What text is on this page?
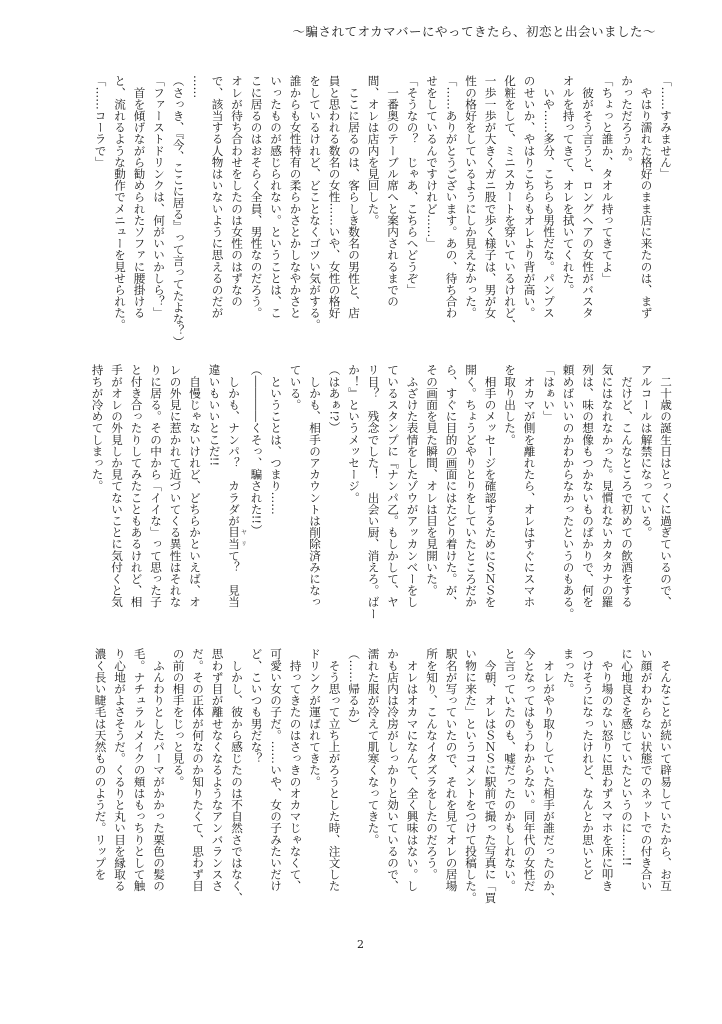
〜騙されてオカマバーにやってきたら、初恋と出会いました〜
「……すみません」
　やはり濡れた格好のまま店に来たのは、まず
かっただろうか。
「ちょっと誰か、タオル持ってきてよ」
　彼がそう言うと、ロングヘアの女性がバスタ
オルを持ってきて、オレを拭いてくれた。
　いや……多分、こちらも男性だな。パンプス
のせいか、やはりこちらもオレより背が高い。
化粧をして、ミニスカートを穿いているけれど、
一歩一歩が大きくガニ股で歩く様子は、男が女
性の格好をしているようにしか見えなかった。
「……ありがとうございます。あの、待ち合わ
せをしているんですけれど……」
「そうなの？　じゃあ、こちらへどうぞ」
　一番奥のテーブル席へと案内されるまでの
間、オレは店内を見回した。
　ここに居るのは、客らしき数名の男性と、店
員と思われる数名の女性……いや、女性の格好
をしているけれど、どことなくゴツい気がする。
誰からも女性特有の柔らかさとかしなやかさと
いったものが感じられない。ということは、こ
こに居るのはおそらく全員、男性なのだろう。
オレが待ち合わせをしたのは女性のはずなの
で、該当する人物はいないように思えるのだが
……
（さっき、『今、ここに居る』って言ってたよな？）
「ファーストドリンクは、何がいいかしら？」
　首を傾げながら勧められたソファに腰掛ける
と、流れるような動作でメニューを見せられた。
「……コーラで」
　二十歳の誕生日はとっくに過ぎているので、
アルコールは解禁になっている。
　だけど、こんなところで初めての飲酒をする
気にはなれなかった。見慣れないカタカナの羅
列は、味の想像もつかないものばかりで、何を
頼めばいいのかわからなかったというのもある。
「はぁい」
　オカマが側を離れたら、オレはすぐにスマホ
を取り出した。
　相手のメッセージを確認するためにＳＮＳを
開く。ちょうどやりとりをしていたところだか
ら、すぐに目的の画面にはたどり着けた。が、
その画面を見た瞬間、オレは目を見開いた。
　ふざけた表情をしたゾウがアッカンベーをし
ているスタンプに『ナンパ乙。もしかして、ヤ
リ目？　残念でした！　出会い厨、消えろ。ばー
か！』というメッセージ。
（はあぁ!?）
　しかも、相手のアカウントは削除済みになっ
ている。
　ということは、つまり……
（――――くそっ、騙された!!）
　しかも、ナンパ？　カラダが目当ヤリて？　見当
違いもいいとこだ!!
　自慢じゃないけれど、どちらかといえば、オ
レの外見に惹かれて近づいてくる異性はそれな
りに居る。その中から「イイな」って思った子
と付き合ったりしてみたこともあるけれど、相
手がオレの外見しか見てないことに気付くと気
持ちが冷めてしまった。
　そんなことが続いて辟易していたから、お互
い顔がわからない状態でのネットでの付き合い
に心地良さを感じていたというのに……!!
　やり場のない怒りに思わずスマホを床に叩き
つけそうになったけれど、なんとか思いとど
まった。
　オレがやり取りしていた相手が誰だったのか、
今となってはもうわからない。同年代の女性だ
と言っていたのも、嘘だったのかもしれない。
　今朝、オレはＳＮＳに駅前で撮った写真に「買
い物に来た」というコメントをつけて投稿した。
駅名が写っていたので、それを見てオレの居場
所を知り、こんなイタズラをしたのだろう。
　オレはオカマになんて、全く興味はない。し
かも店内は冷房がしっかりと効いているので、
濡れた服が冷えて肌寒くなってきた。
（……帰るか）
　そう思って立ち上がろうとした時、注文した
ドリンクが運ばれてきた。
　持ってきたのはさっきのオカマじゃなくて、
可愛い女の子だ。……いや、女の子みたいだけ
ど、こいつも男だな？
　しかし、彼から感じたのは不自然さではなく、
思わず目が離せなくなるようなアンバランスさ
だ。その正体が何なのか知りたくて、思わず目
の前の相手をじっと見る。
　ふんわりとしたパーマがかかった栗色の髪の
毛。ナチュラルメイクの頬はもっちりとして触
り心地がよさそうだ。くるりと丸い目を縁取る
濃く長い睫毛は天然もののようだ。リップを
2
